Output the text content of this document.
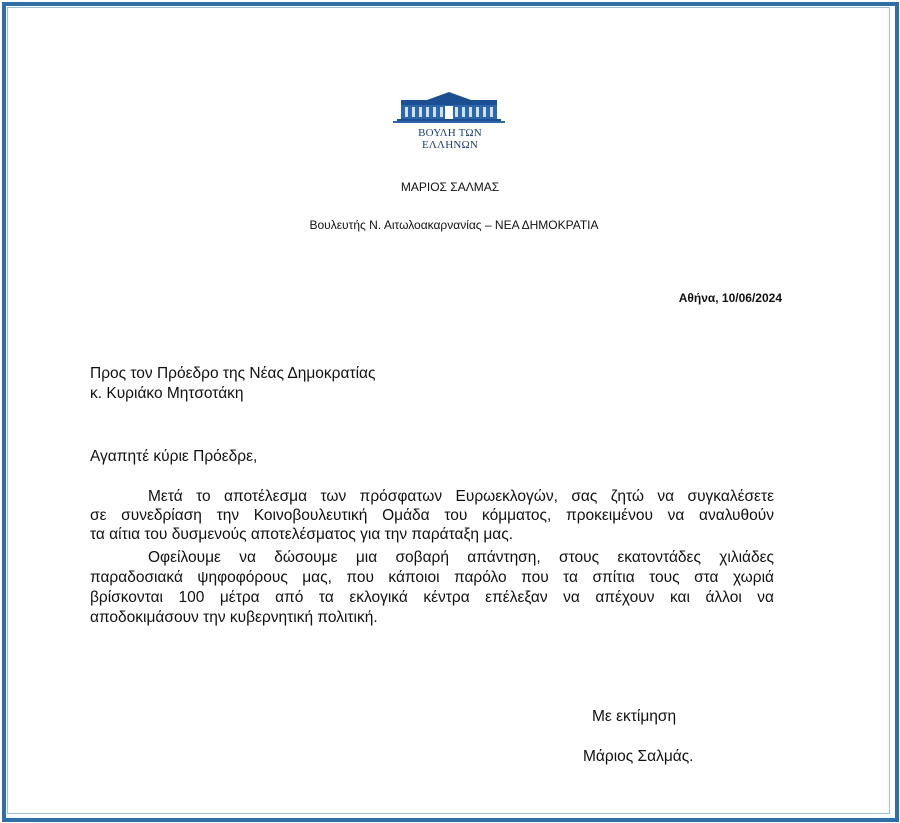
ΒΟΥΛΗ ΤΩΝ ΕΛΛΗΝΩΝ
ΜΑΡΙΟΣ ΣΑΛΜΑΣ
Βουλευτής Ν. Αιτωλοακαρνανίας – ΝΕΑ ΔΗΜΟΚΡΑΤΙΑ
Αθήνα, 10/06/2024
Προς τον Πρόεδρο της Νέας Δημοκρατίας
κ. Κυριάκο Μητσοτάκη
Αγαπητέ κύριε Πρόεδρε,
Μετά το αποτέλεσμα των πρόσφατων Ευρωεκλογών, σας ζητώ να συγκαλέσετε
σε συνεδρίαση την Κοινοβουλευτική Ομάδα του κόμματος, προκειμένου να αναλυθούν
τα αίτια του δυσμενούς αποτελέσματος για την παράταξη μας.
Οφείλουμε να δώσουμε μια σοβαρή απάντηση, στους εκατοντάδες χιλιάδες
παραδοσιακά ψηφοφόρους μας, που κάποιοι παρόλο που τα σπίτια τους στα χωριά
βρίσκονται 100 μέτρα από τα εκλογικά κέντρα επέλεξαν να απέχουν και άλλοι να
αποδοκιμάσουν την κυβερνητική πολιτική.
Με εκτίμηση
Μάριος Σαλμάς.
